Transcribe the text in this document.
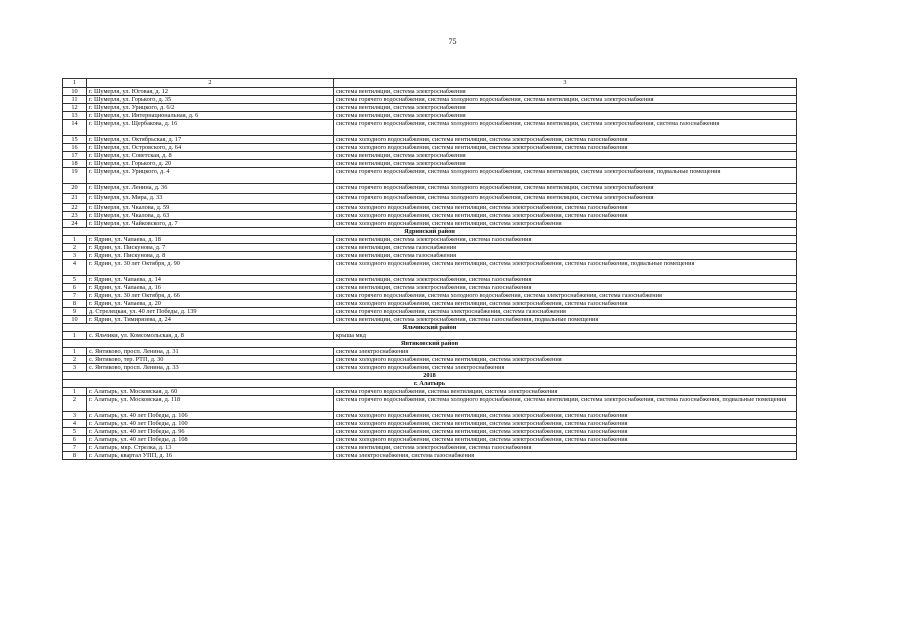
75
1	2	3
10	г. Шумерля, ул. Юговая, д. 12	система вентиляции, система электроснабжения
11	г. Шумерля, ул. Горького, д. 35	система горячего водоснабжения, система холодного водоснабжения, система вентиляции, система электроснабжения
12	г. Шумерля, ул. Урицкого, д. 6/2	система вентиляции, система электроснабжения
13	г. Шумерля, ул. Интернациональная, д. 6	система вентиляции, система электроснабжения
14	г. Шумерля, ул. Щербакова, д. 16	система горячего водоснабжения, система холодного водоснабжения, система вентиляции, система электроснабжения, система газоснабжения
15	г. Шумерля, ул. Октябрьская, д. 17	система холодного водоснабжения, система вентиляции, система электроснабжения, система газоснабжения
16	г. Шумерля, ул. Островского, д. 64	система холодного водоснабжения, система вентиляции, система электроснабжения, система газоснабжения
17	г. Шумерля, ул. Советская, д. 8	система вентиляции, система электроснабжения
18	г. Шумерля, ул. Горького, д. 20	система вентиляции, система электроснабжения
19	г. Шумерля, ул. Урицкого, д. 4	система горячего водоснабжения, система холодного водоснабжения, система вентиляции, система электроснабжения, подвальные помещения
20	г. Шумерля, ул. Ленина, д. 36	система горячего водоснабжения, система холодного водоснабжения, система вентиляции, система электроснабжения
21	г. Шумерля, ул. Мира, д. 33	система горячего водоснабжения, система холодного водоснабжения, система вентиляции, система электроснабжения
22	г. Шумерля, ул. Чкалова, д. 59	система холодного водоснабжения, система вентиляции, система электроснабжения, система газоснабжения
23	г. Шумерля, ул. Чкалова, д. 63	система холодного водоснабжения, система вентиляции, система электроснабжения, система газоснабжения
24	г. Шумерля, ул. Чайковского, д. 7	система холодного водоснабжения, система вентиляции, система электроснабжения
Ядринский район		
1	г. Ядрин, ул. Чапаева, д. 18	система вентиляции, система электроснабжения, система газоснабжения
2	г. Ядрин, ул. Пискунова, д. 7	система вентиляции, система газоснабжения
3	г. Ядрин, ул. Пискунова, д. 8	система вентиляции, система газоснабжения
4	г. Ядрин, ул. 30 лет Октября, д. 90	система холодного водоснабжения, система вентиляции, система электроснабжения, система газоснабжения, подвальные помещения
5	г. Ядрин, ул. Чапаева, д. 14	система вентиляции, система электроснабжения, система газоснабжения
6	г. Ядрин, ул. Чапаева, д. 16	система вентиляции, система электроснабжения, система газоснабжения
7	г. Ядрин, ул. 30 лет Октября, д. 66	система горячего водоснабжения, система холодного водоснабжения, система электроснабжения, система газоснабжения
8	г. Ядрин, ул. Чапаева, д. 20	система холодного водоснабжения, система вентиляции, система электроснабжения, система газоснабжения
9	д. Стрелецкая, ул. 40 лет Победы, д. 139	система горячего водоснабжения, система электроснабжения, система газоснабжения
10	г. Ядрин, ул. Тимирязева, д. 24	система вентиляции, система электроснабжения, система газоснабжения, подвальные помещения
Яльчикский район		
1	с. Яльчики, ул. Комсомольская, д. 8	крыша мкд
Янтиковский район		
1	с. Янтиково, просп. Ленина, д. 31	система электроснабжения
2	с. Янтиково, тер. РТП, д. 30	система холодного водоснабжения, система вентиляции, система электроснабжения
3	с. Янтиково, просп. Ленина, д. 33	система холодного водоснабжения, система электроснабжения
2018		
г. Алатырь		
1	г. Алатырь, ул. Московская, д. 60	система горячего водоснабжения, система вентиляции, система электроснабжения
2	г. Алатырь, ул. Московская, д. 118	система горячего водоснабжения, система холодного водоснабжения, система вентиляции, система электроснабжения, система газоснабжения, подвальные помещения
3	г. Алатырь, ул. 40 лет Победы, д. 106	система холодного водоснабжения, система вентиляции, система электроснабжения, система газоснабжения
4	г. Алатырь, ул. 40 лет Победы, д. 100	система холодного водоснабжения, система вентиляции, система электроснабжения, система газоснабжения
5	г. Алатырь, ул. 40 лет Победы, д. 96	система холодного водоснабжения, система вентиляции, система электроснабжения, система газоснабжения
6	г. Алатырь, ул. 40 лет Победы, д. 108	система холодного водоснабжения, система вентиляции, система электроснабжения, система газоснабжения
7	г. Алатырь, мкр. Стрелка, д. 13	система вентиляции, система электроснабжения, система газоснабжения
8	г. Алатырь, квартал УПП, д. 16	система электроснабжения, система газоснабжения
